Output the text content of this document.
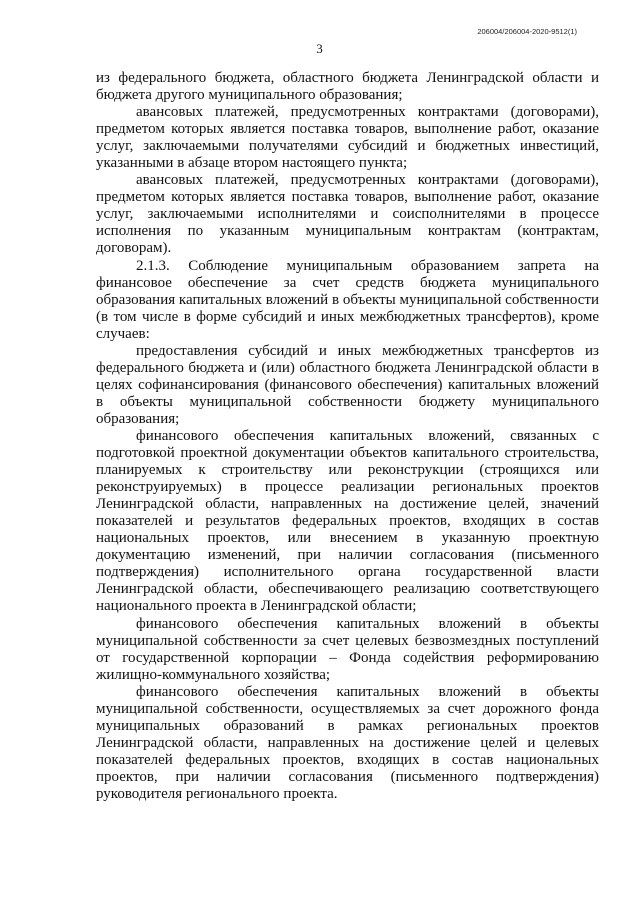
206004/206004-2020-9512(1)
3

из федерального бюджета, областного бюджета Ленинградской области и бюджета другого муниципального образования;

авансовых платежей, предусмотренных контрактами (договорами), предметом которых является поставка товаров, выполнение работ, оказание услуг, заключаемыми получателями субсидий и бюджетных инвестиций, указанными в абзаце втором настоящего пункта;

авансовых платежей, предусмотренных контрактами (договорами), предметом которых является поставка товаров, выполнение работ, оказание услуг, заключаемыми исполнителями и соисполнителями в процессе исполнения по указанным муниципальным контрактам (контрактам, договорам).

2.1.3. Соблюдение муниципальным образованием запрета на финансовое обеспечение за счет средств бюджета муниципального образования капитальных вложений в объекты муниципальной собственности (в том числе в форме субсидий и иных межбюджетных трансфертов), кроме случаев:

предоставления субсидий и иных межбюджетных трансфертов из федерального бюджета и (или) областного бюджета Ленинградской области в целях софинансирования (финансового обеспечения) капитальных вложений в объекты муниципальной собственности бюджету муниципального образования;

финансового обеспечения капитальных вложений, связанных с подготовкой проектной документации объектов капитального строительства, планируемых к строительству или реконструкции (строящихся или реконструируемых) в процессе реализации региональных проектов Ленинградской области, направленных на достижение целей, значений показателей и результатов федеральных проектов, входящих в состав национальных проектов, или внесением в указанную проектную документацию изменений, при наличии согласования (письменного подтверждения) исполнительного органа государственной власти Ленинградской области, обеспечивающего реализацию соответствующего национального проекта в Ленинградской области;

финансового обеспечения капитальных вложений в объекты муниципальной собственности за счет целевых безвозмездных поступлений от государственной корпорации – Фонда содействия реформированию жилищно-коммунального хозяйства;

финансового обеспечения капитальных вложений в объекты муниципальной собственности, осуществляемых за счет дорожного фонда муниципальных образований в рамках региональных проектов Ленинградской области, направленных на достижение целей и целевых показателей федеральных проектов, входящих в состав национальных проектов, при наличии согласования (письменного подтверждения) руководителя регионального проекта.
